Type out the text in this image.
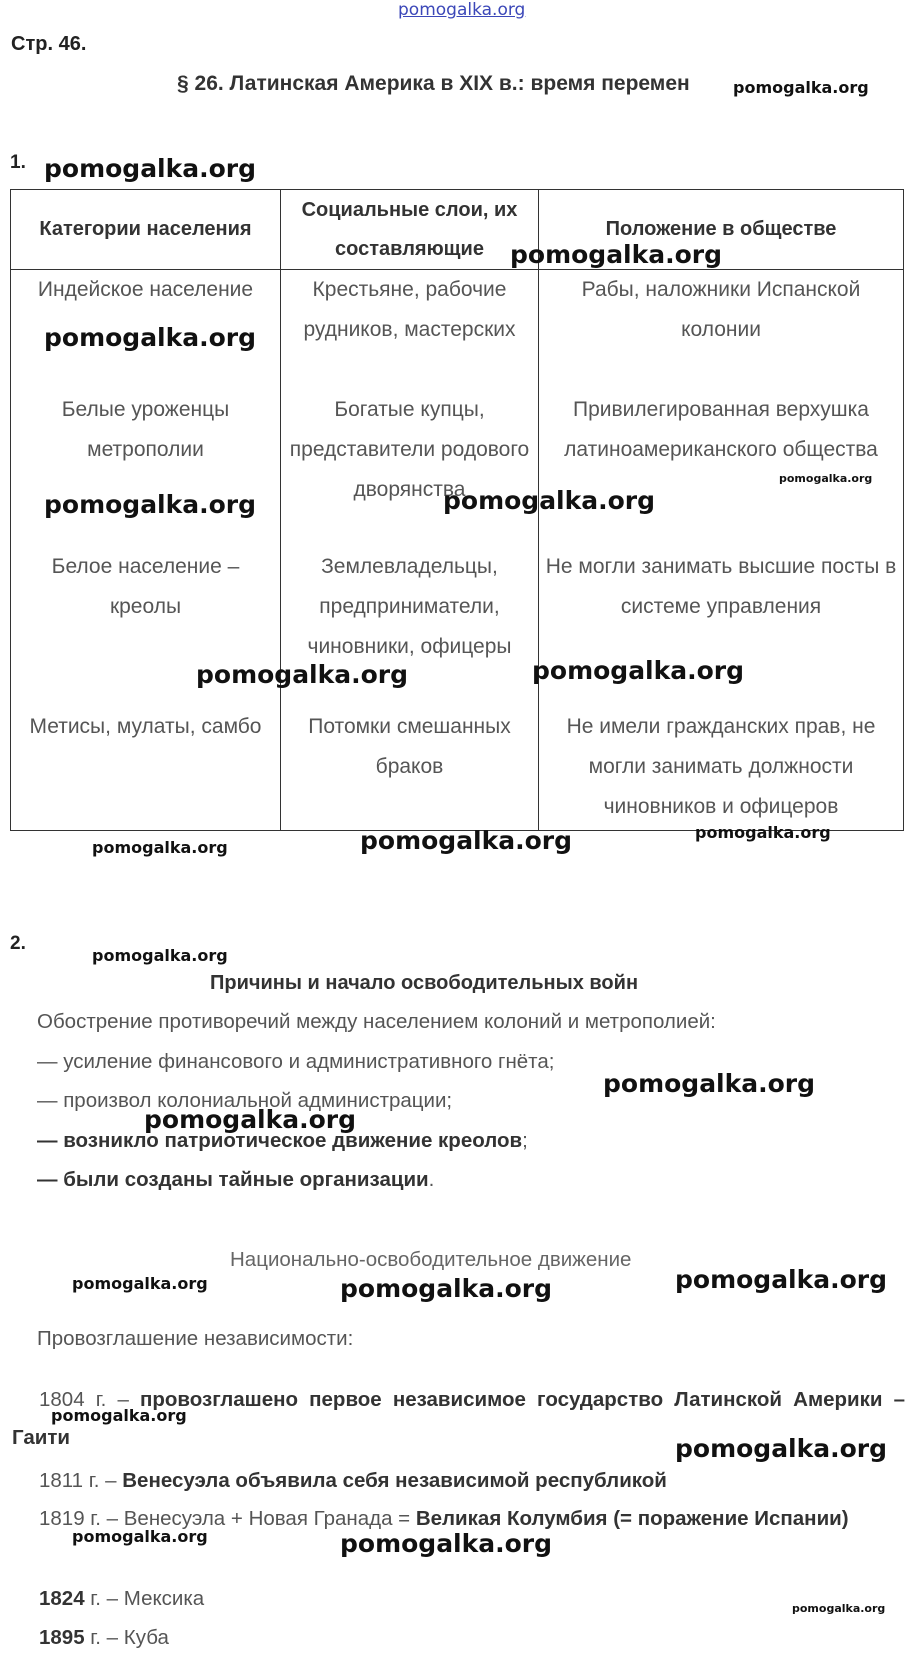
pomogalka.org
Стр. 46.
§ 26. Латинская Америка в XIX в.: время перемен
1.
Категории населения	Социальные слои, их составляющие	Положение в обществе
Индейское население	Крестьяне, рабочие рудников, мастерских	Рабы, наложники Испанской колонии
Белые уроженцы метрополии	Богатые купцы, представители родового дворянства	Привилегированная верхушка латиноамериканского общества
Белое население – креолы	Землевладельцы, предприниматели, чиновники, офицеры	Не могли занимать высшие посты в системе управления
Метисы, мулаты, самбо	Потомки смешанных браков	Не имели гражданских прав, не могли занимать должности чиновников и офицеров
2.
Причины и начало освободительных войн
Обострение противоречий между населением колоний и метрополией:
— усиление финансового и административного гнёта;
— произвол колониальной администрации;
— возникло патриотическое движение креолов;
— были созданы тайные организации.
Национально-освободительное движение
Провозглашение независимости:
1804 г. – провозглашено первое независимое государство Латинской Америки – Гаити
1811 г. – Венесуэла объявила себя независимой республикой
1819 г. – Венесуэла + Новая Гранада = Великая Колумбия (= поражение Испании)
1824 г. – Мексика
1895 г. – Куба
pomogalka.org
pomogalka.org
pomogalka.org
pomogalka.org
pomogalka.org
pomogalka.org	pomogalka.org
pomogalka.org	pomogalka.org
pomogalka.org
pomogalka.org	pomogalka.org
pomogalka.org
pomogalka.org
pomogalka.org
pomogalka.org	pomogalka.org	pomogalka.org
pomogalka.org
pomogalka.org
pomogalka.org	pomogalka.org
pomogalka.org
